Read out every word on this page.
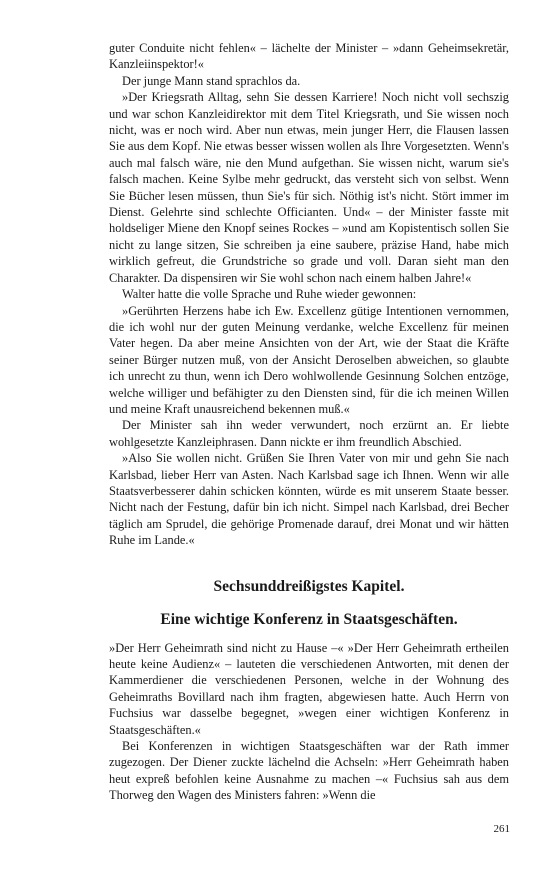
guter Conduite nicht fehlen« – lächelte der Minister – »dann Geheimsekretär, Kanzleiinspektor!«

Der junge Mann stand sprachlos da.

»Der Kriegsrath Alltag, sehn Sie dessen Karriere! Noch nicht voll sechszig und war schon Kanzleidirektor mit dem Titel Kriegsrath, und Sie wissen noch nicht, was er noch wird. Aber nun etwas, mein junger Herr, die Flausen lassen Sie aus dem Kopf. Nie etwas besser wissen wollen als Ihre Vorgesetzten. Wenn's auch mal falsch wäre, nie den Mund aufgethan. Sie wissen nicht, warum sie's falsch machen. Keine Sylbe mehr gedruckt, das versteht sich von selbst. Wenn Sie Bücher lesen müssen, thun Sie's für sich. Nöthig ist's nicht. Stört immer im Dienst. Gelehrte sind schlechte Officianten. Und« – der Minister fasste mit holdseliger Miene den Knopf seines Rockes – »und am Kopistentisch sollen Sie nicht zu lange sitzen, Sie schreiben ja eine saubere, präzise Hand, habe mich wirklich gefreut, die Grundstriche so grade und voll. Daran sieht man den Charakter. Da dispensiren wir Sie wohl schon nach einem halben Jahre!«

Walter hatte die volle Sprache und Ruhe wieder gewonnen:

»Gerührten Herzens habe ich Ew. Excellenz gütige Intentionen vernommen, die ich wohl nur der guten Meinung verdanke, welche Excellenz für meinen Vater hegen. Da aber meine Ansichten von der Art, wie der Staat die Kräfte seiner Bürger nutzen muß, von der Ansicht Deroselben abweichen, so glaubte ich unrecht zu thun, wenn ich Dero wohlwollende Gesinnung Solchen entzöge, welche williger und befähigter zu den Diensten sind, für die ich meinen Willen und meine Kraft unausreichend bekennen muß.«

Der Minister sah ihn weder verwundert, noch erzürnt an. Er liebte wohlgesetzte Kanzleiphrasen. Dann nickte er ihm freundlich Abschied.

»Also Sie wollen nicht. Grüßen Sie Ihren Vater von mir und gehn Sie nach Karlsbad, lieber Herr van Asten. Nach Karlsbad sage ich Ihnen. Wenn wir alle Staatsverbesserer dahin schicken könnten, würde es mit unserem Staate besser. Nicht nach der Festung, dafür bin ich nicht. Simpel nach Karlsbad, drei Becher täglich am Sprudel, die gehörige Promenade darauf, drei Monat und wir hätten Ruhe im Lande.«

Sechsunddreißigstes Kapitel.
Eine wichtige Konferenz in Staatsgeschäften.

»Der Herr Geheimrath sind nicht zu Hause –« »Der Herr Geheimrath ertheilen heute keine Audienz« – lauteten die verschiedenen Antworten, mit denen der Kammerdiener die verschiedenen Personen, welche in der Wohnung des Geheimraths Bovillard nach ihm fragten, abgewiesen hatte. Auch Herrn von Fuchsius war dasselbe begegnet, »wegen einer wichtigen Konferenz in Staatsgeschäften.«

Bei Konferenzen in wichtigen Staatsgeschäften war der Rath immer zugezogen. Der Diener zuckte lächelnd die Achseln: »Herr Geheimrath haben heut expreß befohlen keine Ausnahme zu machen –« Fuchsius sah aus dem Thorweg den Wagen des Ministers fahren: »Wenn die

261
